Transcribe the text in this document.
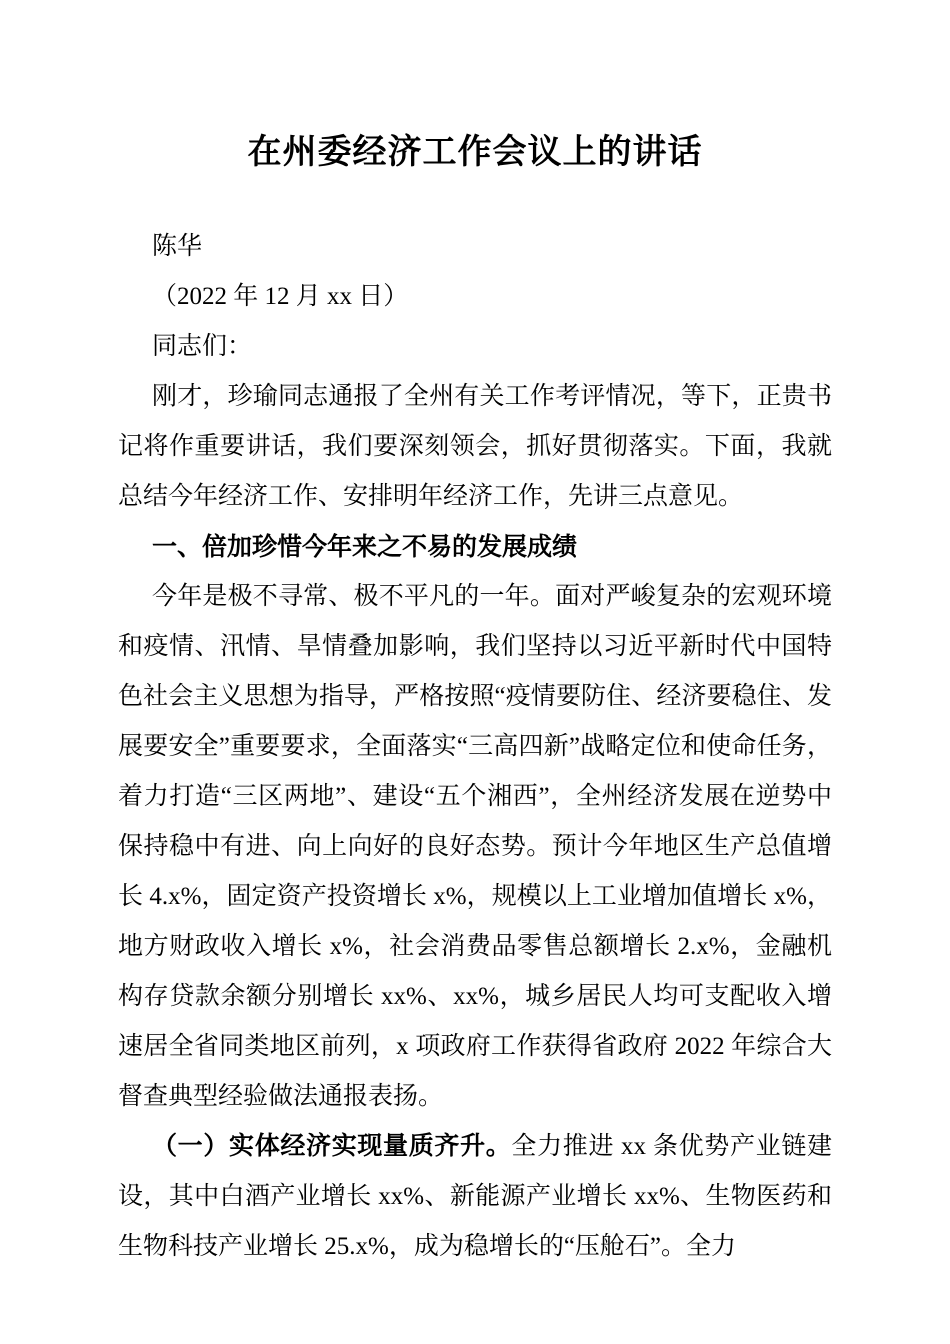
在州委经济工作会议上的讲话

陈华

（2022 年 12 月 xx 日）

同志们：

刚才，珍瑜同志通报了全州有关工作考评情况，等下，正贵书记将作重要讲话，我们要深刻领会，抓好贯彻落实。下面，我就总结今年经济工作、安排明年经济工作，先讲三点意见。

一、倍加珍惜今年来之不易的发展成绩

今年是极不寻常、极不平凡的一年。面对严峻复杂的宏观环境和疫情、汛情、旱情叠加影响，我们坚持以习近平新时代中国特色社会主义思想为指导，严格按照“疫情要防住、经济要稳住、发展要安全”重要要求，全面落实“三高四新”战略定位和使命任务，着力打造“三区两地”、建设“五个湘西”，全州经济发展在逆势中保持稳中有进、向上向好的良好态势。预计今年地区生产总值增长 4.x%，固定资产投资增长 x%，规模以上工业增加值增长 x%，地方财政收入增长 x%，社会消费品零售总额增长 2.x%，金融机构存贷款余额分别增长 xx%、xx%，城乡居民人均可支配收入增速居全省同类地区前列，x 项政府工作获得省政府 2022 年综合大督查典型经验做法通报表扬。

（一）实体经济实现量质齐升。全力推进 xx 条优势产业链建设，其中白酒产业增长 xx%、新能源产业增长 xx%、生物医药和生物科技产业增长 25.x%，成为稳增长的“压舱石”。全力
